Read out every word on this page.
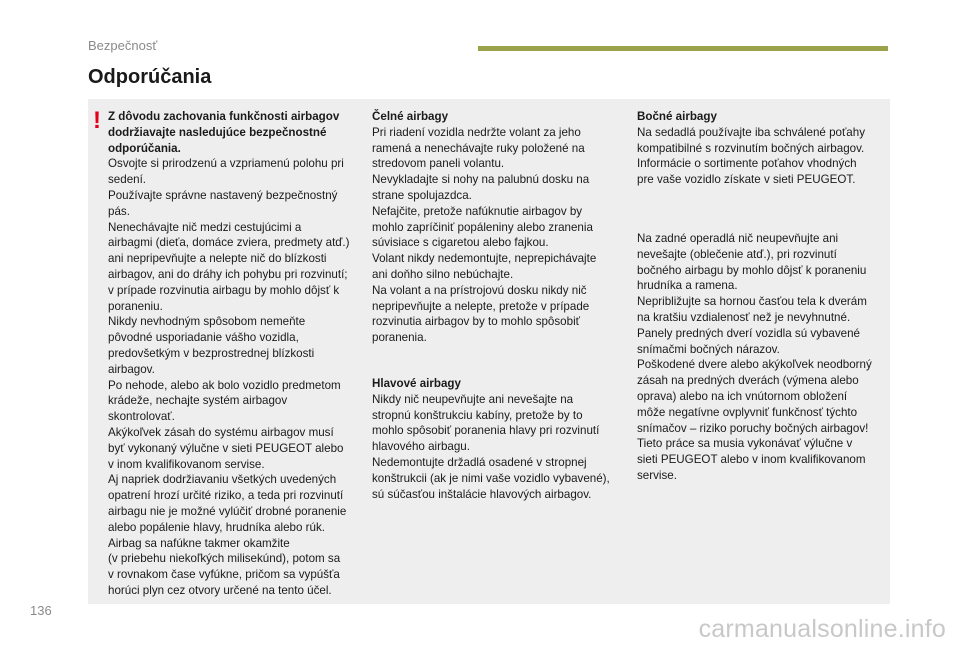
Bezpečnosť
Odporúčania
! Z dôvodu zachovania funkčnosti airbagov

dodržiavajte nasledujúce bezpečnostné

odporúčania.

Osvojte si prirodzenú a vzpriamenú polohu pri

sedení.

Používajte správne nastavený bezpečnostný

pás.

Nenechávajte nič medzi cestujúcimi a

airbagmi (dieťa, domáce zviera, predmety atď.)

ani nepripevňujte a nelepte nič do blízkosti

airbagov, ani do dráhy ich pohybu pri rozvinutí;

v prípade rozvinutia airbagu by mohlo dôjsť k

poraneniu.

Nikdy nevhodným spôsobom nemeňte

pôvodné usporiadanie vášho vozidla,

predovšetkým v bezprostrednej blízkosti

airbagov.

Po nehode, alebo ak bolo vozidlo predmetom

krádeže, nechajte systém airbagov

skontrolovať.

Akýkoľvek zásah do systému airbagov musí

byť vykonaný výlučne v sieti PEUGEOT alebo

v inom kvalifikovanom servise.

Aj napriek dodržiavaniu všetkých uvedených

opatrení hrozí určité riziko, a teda pri rozvinutí

airbagu nie je možné vylúčiť drobné poranenie

alebo popálenie hlavy, hrudníka alebo rúk.

Airbag sa nafúkne takmer okamžite

(v priebehu niekoľkých milisekúnd), potom sa

v rovnakom čase vyfúkne, pričom sa vypúšťa

horúci plyn cez otvory určené na tento účel.

Čelné airbagy

Pri riadení vozidla nedržte volant za jeho

ramená a nenechávajte ruky položené na

stredovom paneli volantu.

Nevykladajte si nohy na palubnú dosku na

strane spolujazdca.

Nefajčite, pretože nafúknutie airbagov by

mohlo zapríčiniť popáleniny alebo zranenia

súvisiace s cigaretou alebo fajkou.

Volant nikdy nedemontujte, neprepichávajte

ani doňho silno nebúchajte.

Na volant a na prístrojovú dosku nikdy nič

nepripevňujte a nelepte, pretože v prípade

rozvinutia airbagov by to mohlo spôsobiť

poranenia.

Hlavové airbagy

Nikdy nič neupevňujte ani nevešajte na

stropnú konštrukciu kabíny, pretože by to

mohlo spôsobiť poranenia hlavy pri rozvinutí

hlavového airbagu.

Nedemontujte držadlá osadené v stropnej

konštrukcii (ak je nimi vaše vozidlo vybavené),

sú súčasťou inštalácie hlavových airbagov.

Bočné airbagy

Na sedadlá používajte iba schválené poťahy

kompatibilné s rozvinutím bočných airbagov.

Informácie o sortimente poťahov vhodných

pre vaše vozidlo získate v sieti PEUGEOT.

Na zadné operadlá nič neupevňujte ani

nevešajte (oblečenie atď.), pri rozvinutí

bočného airbagu by mohlo dôjsť k poraneniu

hrudníka a ramena.

Nepribližujte sa hornou časťou tela k dverám

na kratšiu vzdialenosť než je nevyhnutné.

Panely predných dverí vozidla sú vybavené

snímačmi bočných nárazov.

Poškodené dvere alebo akýkoľvek neodborný

zásah na predných dverách (výmena alebo

oprava) alebo na ich vnútornom obložení

môže negatívne ovplyvniť funkčnosť týchto

snímačov – riziko poruchy bočných airbagov!

Tieto práce sa musia vykonávať výlučne v

sieti PEUGEOT alebo v inom kvalifikovanom

servise.

136
carmanualsonline.info
